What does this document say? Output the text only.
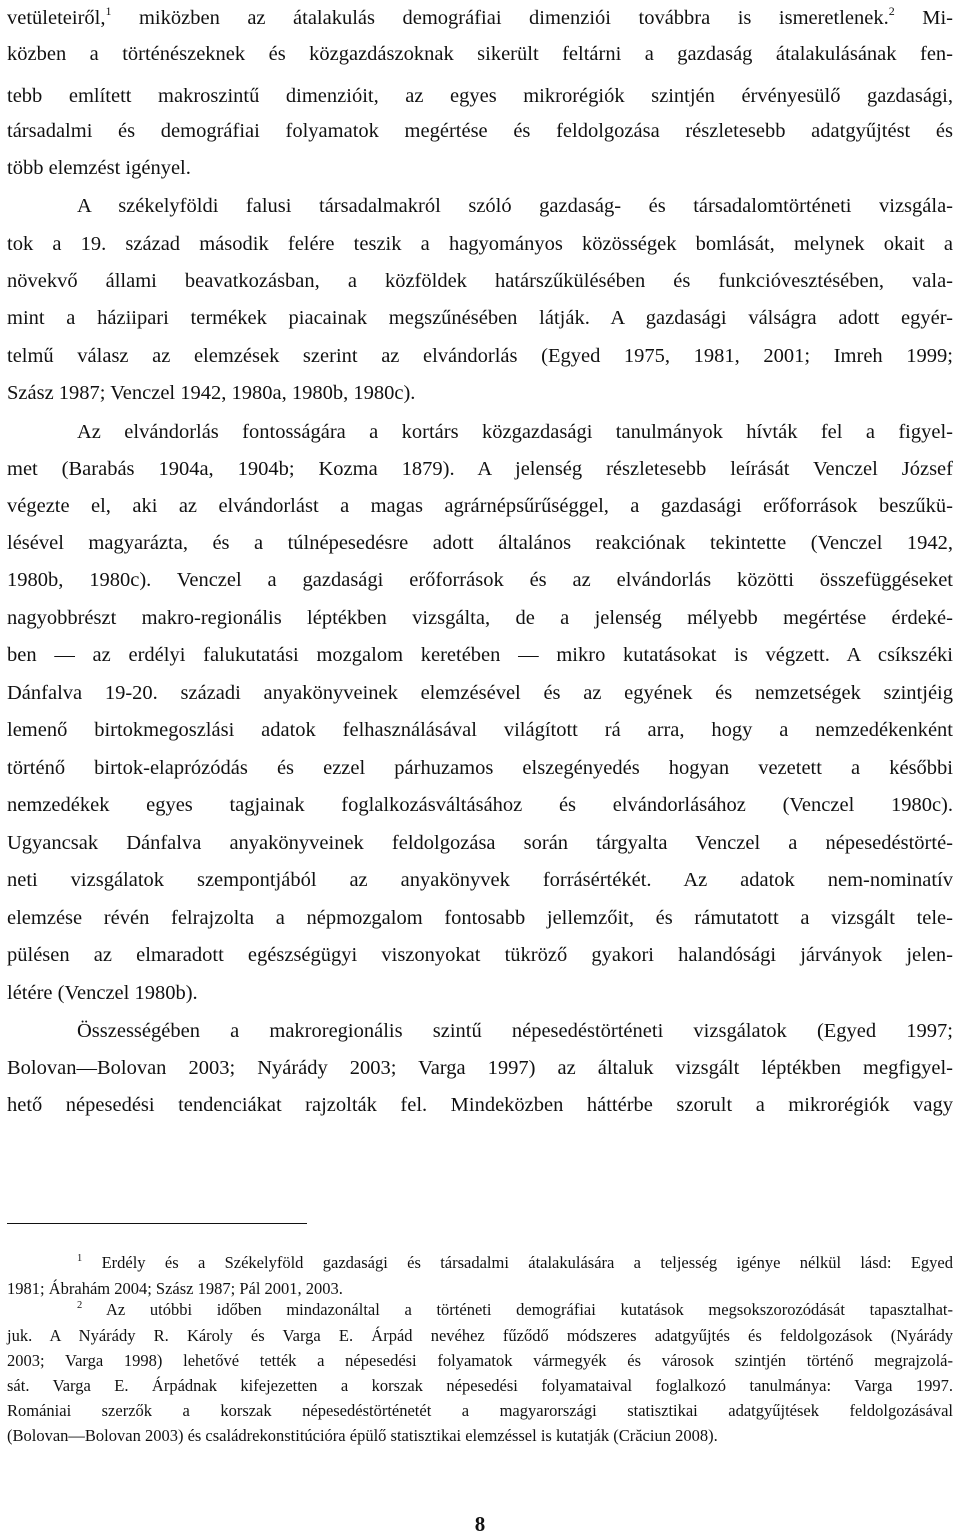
vetületeiről,$^1$ miközben az átalakulás demográfiai dimenziói továbbra is ismeretlenek.$^2$ Mi-
közben a történészeknek és közgazdászoknak sikerült feltárni a gazdaság átalakulásának fen-
tebb említett makroszintű dimenzióit, az egyes mikrorégiók szintjén érvényesülő gazdasági,
társadalmi és demográfiai folyamatok megértése és feldolgozása részletesebb adatgyűjtést és
több elemzést igényel.
A székelyföldi falusi társadalmakról szóló gazdaság- és társadalomtörténeti vizsgála-
tok a 19. század második felére teszik a hagyományos közösségek bomlását, melynek okait a
növekvő állami beavatkozásban, a közföldek határszűkülésében és funkcióvesztésében, vala-
mint a háziipari termékek piacainak megszűnésében látják. A gazdasági válságra adott egyér-
telmű válasz az elemzések szerint az elvándorlás (Egyed 1975, 1981, 2001; Imreh 1999;
Szász 1987; Venczel 1942, 1980a, 1980b, 1980c).
Az elvándorlás fontosságára a kortárs közgazdasági tanulmányok hívták fel a figyel-
met (Barabás 1904a, 1904b; Kozma 1879). A jelenség részletesebb leírását Venczel József
végezte el, aki az elvándorlást a magas agrárnépsűrűséggel, a gazdasági erőforrások beszűkü-
lésével magyarázta, és a túlnépesedésre adott általános reakciónak tekintette (Venczel 1942,
1980b, 1980c). Venczel a gazdasági erőforrások és az elvándorlás közötti összefüggéseket
nagyobbrészt makro-regionális léptékben vizsgálta, de a jelenség mélyebb megértése érdeké-
ben — az erdélyi falukutatási mozgalom keretében — mikro kutatásokat is végzett. A csíkszéki
Dánfalva 19-20. századi anyakönyveinek elemzésével és az egyének és nemzetségek szintjéig
lemenő birtokmegoszlási adatok felhasználásával világított rá arra, hogy a nemzedékenként
történő birtok-elaprózódás és ezzel párhuzamos elszegényedés hogyan vezetett a későbbi
nemzedékek egyes tagjainak foglalkozásváltásához és elvándorlásához (Venczel 1980c).
Ugyancsak Dánfalva anyakönyveinek feldolgozása során tárgyalta Venczel a népesedéstörté-
neti vizsgálatok szempontjából az anyakönyvek forrásértékét. Az adatok nem-nominatív
elemzése révén felrajzolta a népmozgalom fontosabb jellemzőit, és rámutatott a vizsgált tele-
pülésen az elmaradott egészségügyi viszonyokat tükröző gyakori halandósági járványok jelen-
létére (Venczel 1980b).
Összességében a makroregionális szintű népesedéstörténeti vizsgálatok (Egyed 1997;
Bolovan—Bolovan 2003; Nyárády 2003; Varga 1997) az általuk vizsgált léptékben megfigyel-
hető népesedési tendenciákat rajzolták fel. Mindeközben háttérbe szorult a mikrorégiók vagy
$^1$ Erdély és a Székelyföld gazdasági és társadalmi átalakulására a teljesség igénye nélkül lásd: Egyed
1981; Ábrahám 2004; Szász 1987; Pál 2001, 2003.
$^2$ Az utóbbi időben mindazonáltal a történeti demográfiai kutatások megsokszorozódását tapasztalhat-
juk. A Nyárády R. Károly és Varga E. Árpád nevéhez fűződő módszeres adatgyűjtés és feldolgozások (Nyárády
2003; Varga 1998) lehetővé tették a népesedési folyamatok vármegyék és városok szintjén történő megrajzolá-
sát. Varga E. Árpádnak kifejezetten a korszak népesedési folyamataival foglalkozó tanulmánya: Varga 1997.
Romániai szerzők a korszak népesedéstörténetét a magyarországi statisztikai adatgyűjtések feldolgozásával
(Bolovan—Bolovan 2003) és családrekonstitúcióra épülő statisztikai elemzéssel is kutatják (Crăciun 2008).
8
